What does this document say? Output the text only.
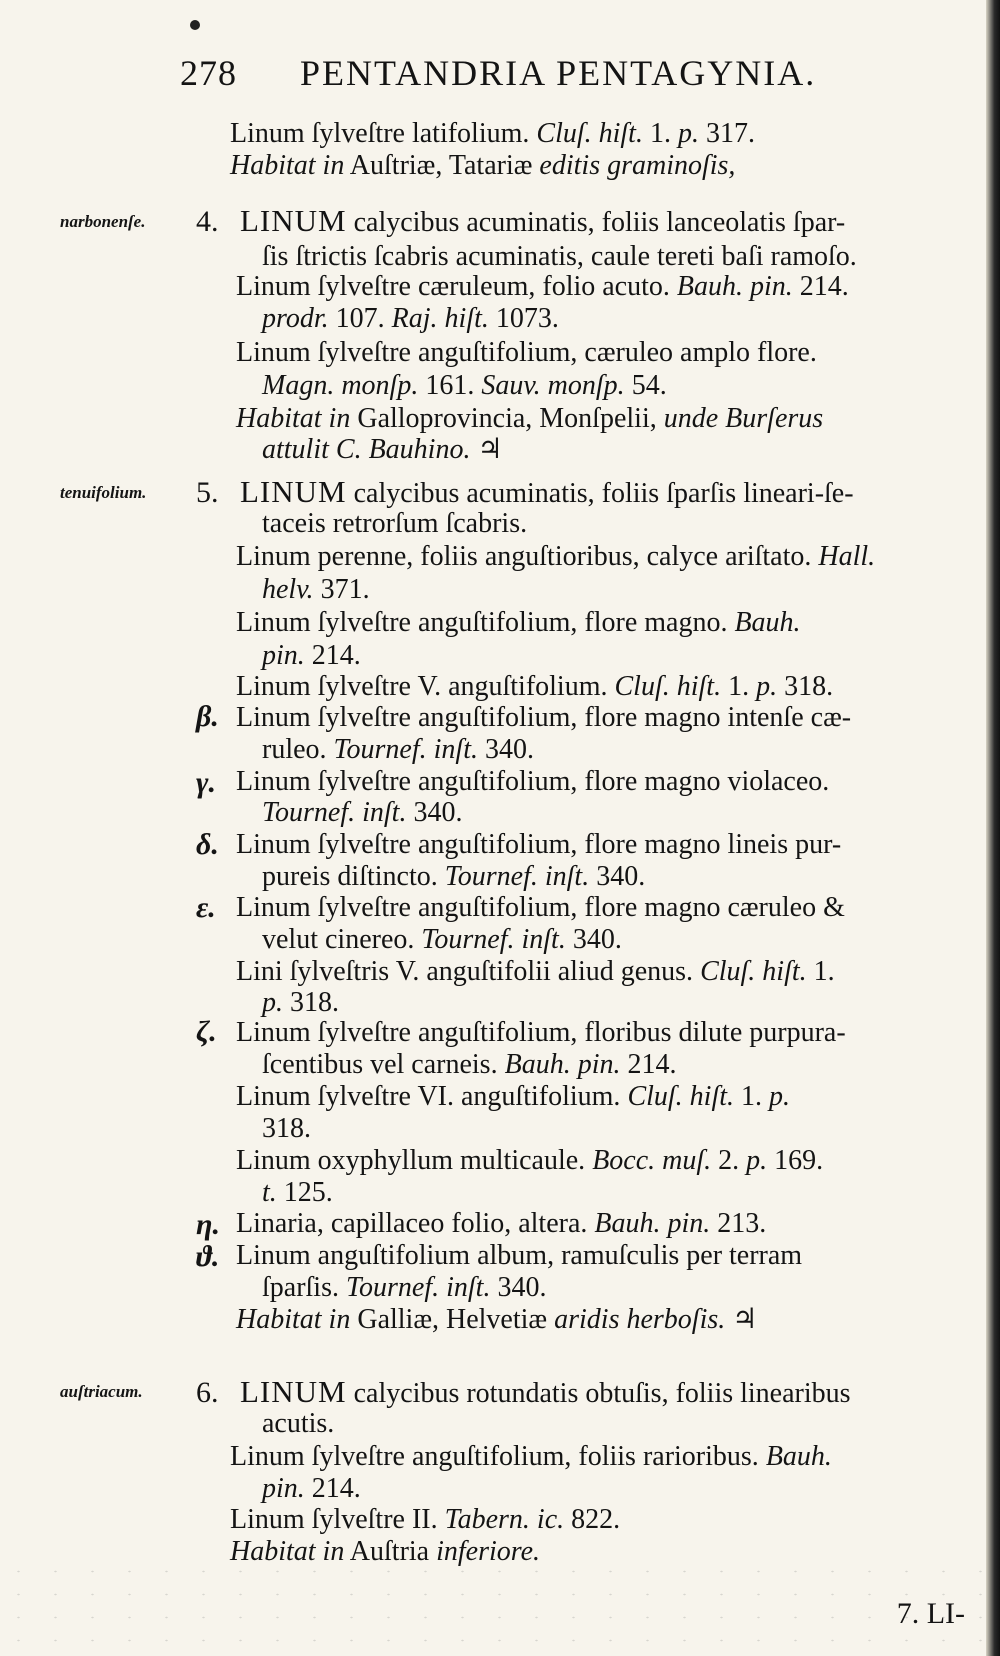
278 PENTANDRIA PENTAGYNIA.
narbonenſe.
tenuifolium.
auſtriacum.
4.
5.
6.
β.
γ.
δ.
ε.
ζ.
η.
ϑ.
Linum ſylveſtre latifolium. Cluſ. hiſt. 1. p. 317.
Habitat in Auſtriæ, Tatariæ editis graminoſis,
LINUM calycibus acuminatis, foliis lanceolatis ſpar-
ſis ſtrictis ſcabris acuminatis, caule tereti baſi ramoſo.
Linum ſylveſtre cæruleum, folio acuto. Bauh. pin. 214.
prodr. 107. Raj. hiſt. 1073.
Linum ſylveſtre anguſtifolium, cæruleo amplo flore.
Magn. monſp. 161. Sauv. monſp. 54.
Habitat in Galloprovincia, Monſpelii, unde Burſerus
attulit C. Bauhino. ♃
LINUM calycibus acuminatis, foliis ſparſis lineari-ſe-
taceis retrorſum ſcabris.
Linum perenne, foliis anguſtioribus, calyce ariſtato. Hall.
helv. 371.
Linum ſylveſtre anguſtifolium, flore magno. Bauh.
pin. 214.
Linum ſylveſtre V. anguſtifolium. Cluſ. hiſt. 1. p. 318.
Linum ſylveſtre anguſtifolium, flore magno intenſe cæ-
ruleo. Tournef. inſt. 340.
Linum ſylveſtre anguſtifolium, flore magno violaceo.
Tournef. inſt. 340.
Linum ſylveſtre anguſtifolium, flore magno lineis pur-
pureis diſtincto. Tournef. inſt. 340.
Linum ſylveſtre anguſtifolium, flore magno cæruleo &
velut cinereo. Tournef. inſt. 340.
Lini ſylveſtris V. anguſtifolii aliud genus. Cluſ. hiſt. 1.
p. 318.
Linum ſylveſtre anguſtifolium, floribus dilute purpura-
ſcentibus vel carneis. Bauh. pin. 214.
Linum ſylveſtre VI. anguſtifolium. Cluſ. hiſt. 1. p.
318.
Linum oxyphyllum multicaule. Bocc. muſ. 2. p. 169.
t. 125.
Linaria, capillaceo folio, altera. Bauh. pin. 213.
Linum anguſtifolium album, ramuſculis per terram
ſparſis. Tournef. inſt. 340.
Habitat in Galliæ, Helvetiæ aridis herboſis. ♃
LINUM calycibus rotundatis obtuſis, foliis linearibus
acutis.
Linum ſylveſtre anguſtifolium, foliis rarioribus. Bauh.
pin. 214.
Linum ſylveſtre II. Tabern. ic. 822.
Habitat in Auſtria inferiore.
7. LI-
